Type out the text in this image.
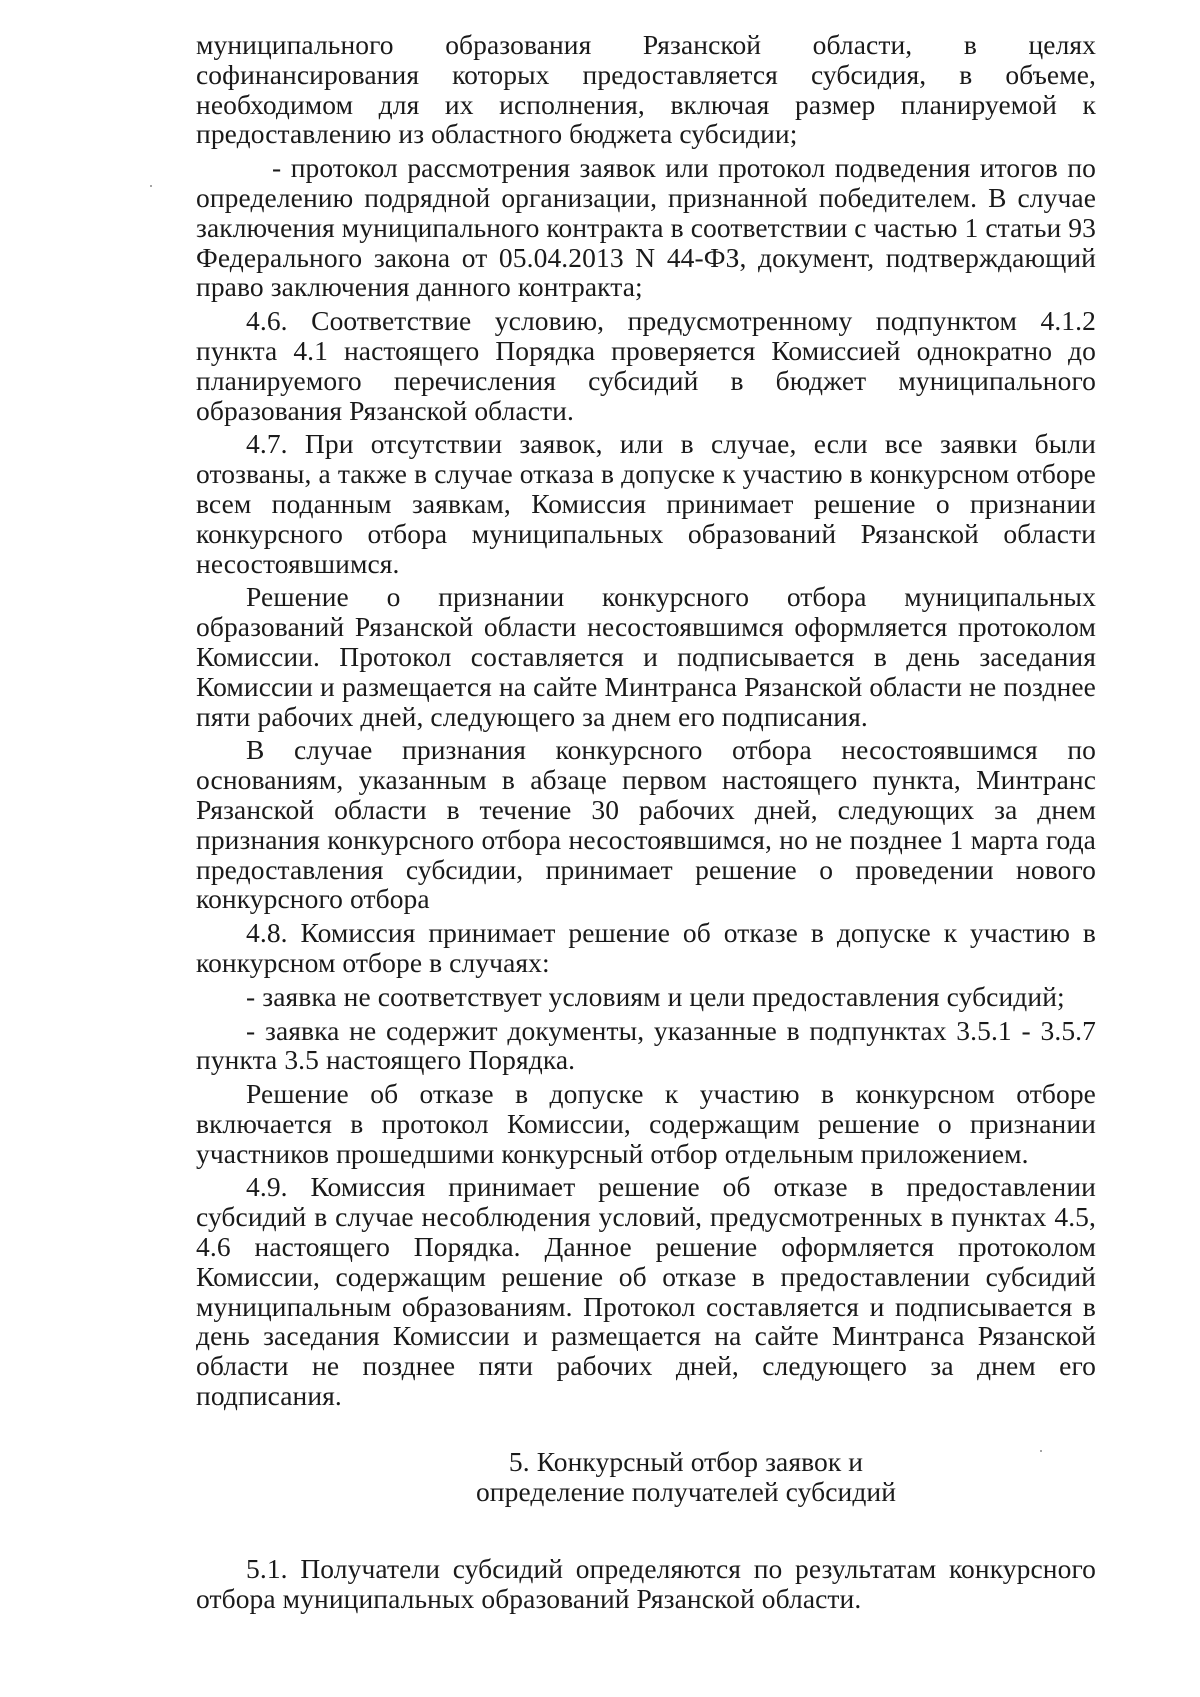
муниципального образования Рязанской области, в целях софинансирования которых предоставляется субсидия, в объеме, необходимом для их исполнения, включая размер планируемой к предоставлению из областного бюджета субсидии;

- протокол рассмотрения заявок или протокол подведения итогов по определению подрядной организации, признанной победителем. В случае заключения муниципального контракта в соответствии с частью 1 статьи 93 Федерального закона от 05.04.2013 N 44-ФЗ, документ, подтверждающий право заключения данного контракта;

4.6. Соответствие условию, предусмотренному подпунктом 4.1.2 пункта 4.1 настоящего Порядка проверяется Комиссией однократно до планируемого перечисления субсидий в бюджет муниципального образования Рязанской области.

4.7. При отсутствии заявок, или в случае, если все заявки были отозваны, а также в случае отказа в допуске к участию в конкурсном отборе всем поданным заявкам, Комиссия принимает решение о признании конкурсного отбора муниципальных образований Рязанской области несостоявшимся.

Решение о признании конкурсного отбора муниципальных образований Рязанской области несостоявшимся оформляется протоколом Комиссии. Протокол составляется и подписывается в день заседания Комиссии и размещается на сайте Минтранса Рязанской области не позднее пяти рабочих дней, следующего за днем его подписания.

В случае признания конкурсного отбора несостоявшимся по основаниям, указанным в абзаце первом настоящего пункта, Минтранс Рязанской области в течение 30 рабочих дней, следующих за днем признания конкурсного отбора несостоявшимся, но не позднее 1 марта года предоставления субсидии, принимает решение о проведении нового конкурсного отбора

4.8. Комиссия принимает решение об отказе в допуске к участию в конкурсном отборе в случаях:

- заявка не соответствует условиям и цели предоставления субсидий;

- заявка не содержит документы, указанные в подпунктах 3.5.1 - 3.5.7 пункта 3.5 настоящего Порядка.

Решение об отказе в допуске к участию в конкурсном отборе включается в протокол Комиссии, содержащим решение о признании участников прошедшими конкурсный отбор отдельным приложением.

4.9. Комиссия принимает решение об отказе в предоставлении субсидий в случае несоблюдения условий, предусмотренных в пунктах 4.5, 4.6 настоящего Порядка. Данное решение оформляется протоколом Комиссии, содержащим решение об отказе в предоставлении субсидий муниципальным образованиям. Протокол составляется и подписывается в день заседания Комиссии и размещается на сайте Минтранса Рязанской области не позднее пяти рабочих дней, следующего за днем его подписания.

5. Конкурсный отбор заявок и
определение получателей субсидий

5.1. Получатели субсидий определяются по результатам конкурсного отбора муниципальных образований Рязанской области.
